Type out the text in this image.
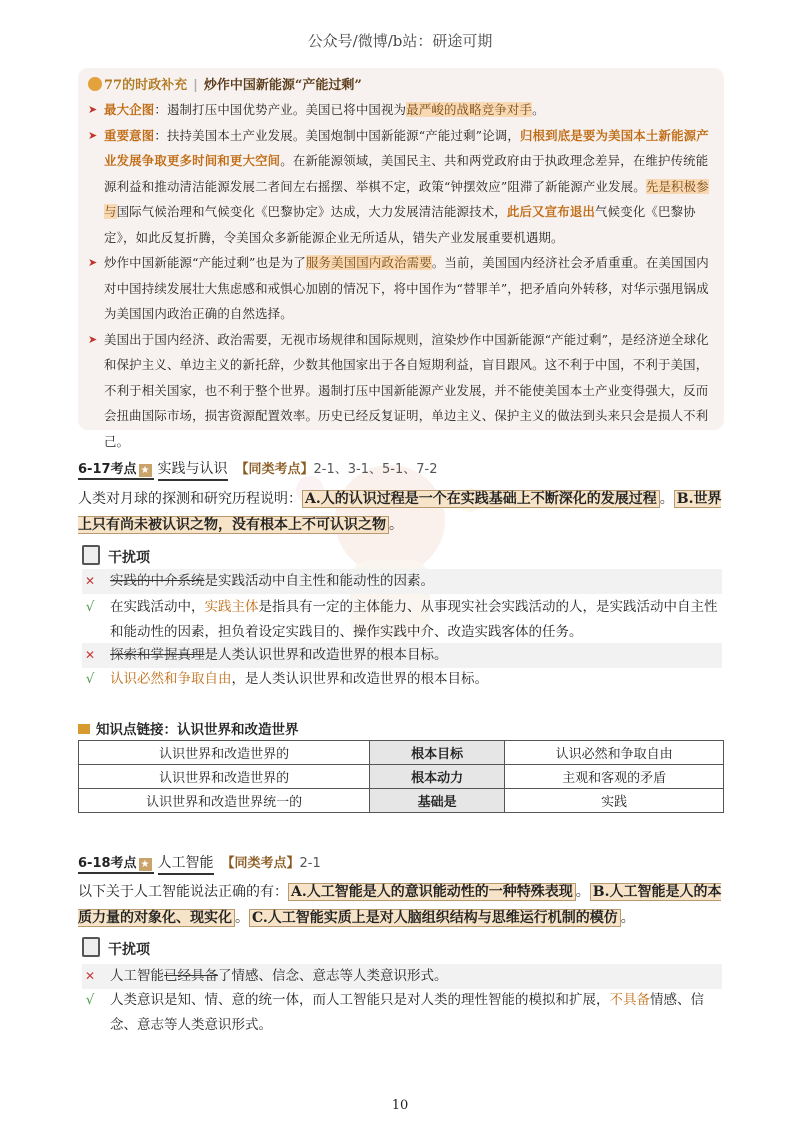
公众号/微博/b站：研途可期
77的时政补充 | 炒作中国新能源“产能过剩”
➤ 最大企图：遏制打压中国优势产业。美国已将中国视为最严峻的战略竞争对手。
➤ 重要意图：扶持美国本土产业发展。美国炮制中国新能源“产能过剩”论调，归根到底是要为美国本土新能源产业发展争取更多时间和更大空间。在新能源领域，美国民主、共和两党政府由于执政理念差异，在维护传统能源利益和推动清洁能源发展二者间左右摇摆、举棋不定，政策“钟摆效应”阻滞了新能源产业发展。先是积极参与国际气候治理和气候变化《巴黎协定》达成，大力发展清洁能源技术，此后又宣布退出气候变化《巴黎协定》，如此反复折腾，令美国众多新能源企业无所适从，错失产业发展重要机遇期。
➤ 炒作中国新能源“产能过剩”也是为了服务美国国内政治需要。当前，美国国内经济社会矛盾重重。在美国国内对中国持续发展壮大焦虑感和戒惧心加剧的情况下，将中国作为“替罪羊”，把矛盾向外转移，对华示强甩锅成为美国国内政治正确的自然选择。
➤ 美国出于国内经济、政治需要，无视市场规律和国际规则，渲染炒作中国新能源“产能过剩”，是经济逆全球化和保护主义、单边主义的新托辞，少数其他国家出于各自短期利益，盲目跟风。这不利于中国，不利于美国，不利于相关国家，也不利于整个世界。遏制打压中国新能源产业发展，并不能使美国本土产业变得强大，反而会扭曲国际市场，损害资源配置效率。历史已经反复证明，单边主义、保护主义的做法到头来只会是损人不利己。
6-17考点 ★ 实践与认识 【同类考点】2-1、3-1、5-1、7-2
人类对月球的探测和研究历程说明： A.人的认识过程是一个在实践基础上不断深化的发展过程 。 B.世界上只有尚未被认识之物，没有根本上不可认识之物 。
干扰项
✕ 实践的中介系统是实践活动中自主性和能动性的因素。
√ 在实践活动中，实践主体是指具有一定的主体能力、从事现实社会实践活动的人，是实践活动中自主性和能动性的因素，担负着设定实践目的、操作实践中介、改造实践客体的任务。
✕ 探索和掌握真理是人类认识世界和改造世界的根本目标。
√ 认识必然和争取自由，是人类认识世界和改造世界的根本目标。
知识点链接：认识世界和改造世界
认识世界和改造世界的	根本目标	认识必然和争取自由
认识世界和改造世界的	根本动力	主观和客观的矛盾
认识世界和改造世界统一的	基础是	实践
6-18考点 ★ 人工智能 【同类考点】2-1
以下关于人工智能说法正确的有： A.人工智能是人的意识能动性的一种特殊表现 。 B.人工智能是人的本质力量的对象化、现实化 。 C.人工智能实质上是对人脑组织结构与思维运行机制的模仿 。
干扰项
✕ 人工智能已经具备了情感、信念、意志等人类意识形式。
√ 人类意识是知、情、意的统一体，而人工智能只是对人类的理性智能的模拟和扩展，不具备情感、信念、意志等人类意识形式。
10
